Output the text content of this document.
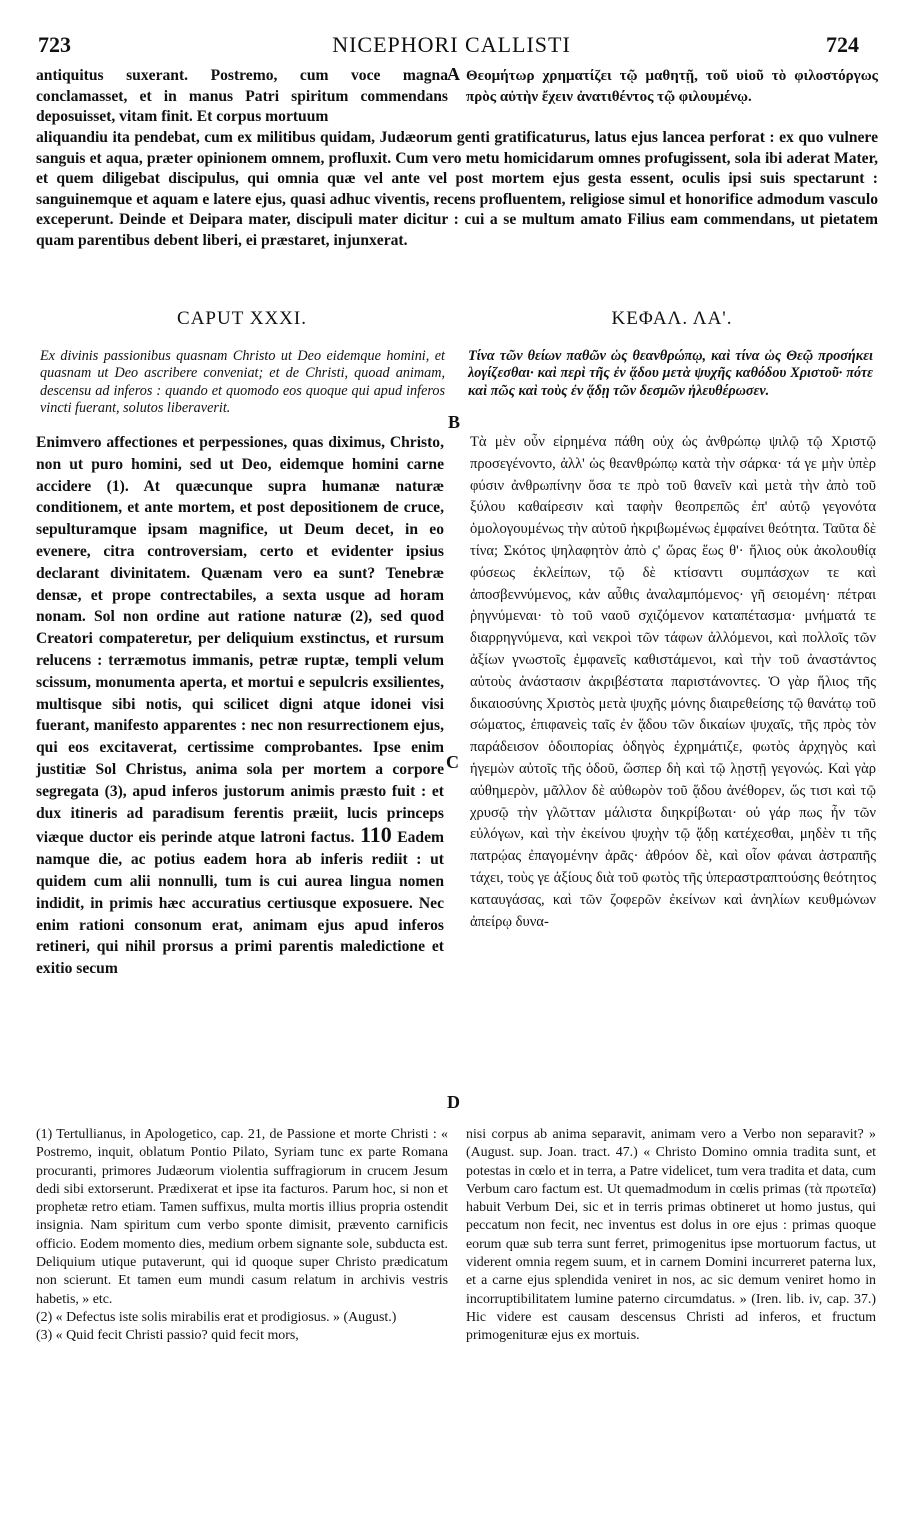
723	NICEPHORI CALLISTI	724

antiquitus suxerant. Postremo, cum voce magna conclamasset, et in manus Patri spiritum commendans deposuisset, vitam finit. Et corpus mortuum

A Θεομήτωρ χρηματίζει τῷ μαθητῇ, τοῦ υἱοῦ τὸ φιλοστόργως πρὸς αὐτὴν ἔχειν ἀνατιθέντος τῷ φιλουμένῳ.

aliquandiu ita pendebat, cum ex militibus quidam, Judæorum genti gratificaturus, latus ejus lancea perforat : ex quo vulnere sanguis et aqua, præter opinionem omnem, profluxit. Cum vero metu homicidarum omnes profugissent, sola ibi aderat Mater, et quem diligebat discipulus, qui omnia quæ vel ante vel post mortem ejus gesta essent, oculis ipsi suis spectarunt : sanguinemque et aquam e latere ejus, quasi adhuc viventis, recens profluentem, religiose simul et honorifice admodum vasculo exceperunt. Deinde et Deipara mater, discipuli mater dicitur : cui a se multum amato Filius eam commendans, ut pietatem quam parentibus debent liberi, ei præstaret, injunxerat.

CAPUT XXXI.	ΚΕΦΑΛ. ΛΑ'.

Ex divinis passionibus quasnam Christo ut Deo eidemque homini, et quasnam ut Deo ascribere conveniat; et de Christi, quoad animam, descensu ad inferos : quando et quomodo eos quoque qui apud inferos vincti fuerant, solutos liberaverit.

Τίνα τῶν θείων παθῶν ὡς θεανθρώπῳ, καὶ τίνα ὡς Θεῷ προσήκει λογίζεσθαι· καὶ περὶ τῆς ἐν ᾅδου μετὰ ψυχῆς καθόδου Χριστοῦ· πότε καὶ πῶς καὶ τοὺς ἐν ᾅδῃ τῶν δεσμῶν ἠλευθέρωσεν.

B

Enimvero affectiones et perpessiones, quas diximus, Christo, non ut puro homini, sed ut Deo, eidemque homini carne accidere (1). At quæcunque supra humanæ naturæ conditionem, et ante mortem, et post depositionem de cruce, sepulturamque ipsam magnifice, ut Deum decet, in eo evenere, citra controversiam, certo et evidenter ipsius declarant divinitatem. Quænam vero ea sunt? Tenebræ densæ, et prope contrectabiles, a sexta usque ad horam nonam. Sol non ordine aut ratione naturæ (2), sed quod Creatori compateretur, per deliquium exstinctus, et rursum relucens : terræmotus immanis, petræ ruptæ, templi velum scissum, monumenta aperta, et mortui e sepulcris exsilientes, multisque sibi notis, qui scilicet digni atque idonei visi fuerant, manifesto apparentes : nec non resurrectionem ejus, qui eos excitaverat, certissime comprobantes. Ipse enim justitiæ Sol Christus, anima sola per mortem a corpore segregata (3), apud inferos justorum animis præsto fuit : et dux itineris ad paradisum ferentis præiit, lucis princeps viæque ductor eis perinde atque latroni factus. 110 Eadem namque die, ac potius eadem hora ab inferis rediit : ut quidem cum alii nonnulli, tum is cui aurea lingua nomen indidit, in primis hæc accuratius certiusque exposuere. Nec enim rationi consonum erat, animam ejus apud inferos retineri, qui nihil prorsus a primi parentis maledictione et exitio secum

C
D

Τὰ μὲν οὖν εἰρημένα πάθη οὐχ ὡς ἀνθρώπῳ ψιλῷ τῷ Χριστῷ προσεγένοντο, ἀλλ' ὡς θεανθρώπῳ κατὰ τὴν σάρκα· τά γε μὴν ὑπὲρ φύσιν ἀνθρωπίνην ὅσα τε πρὸ τοῦ θανεῖν καὶ μετὰ τὴν ἀπὸ τοῦ ξύλου καθαίρεσιν καὶ ταφὴν θεοπρεπῶς ἐπ' αὐτῷ γεγονότα ὁμολογουμένως τὴν αὐτοῦ ἠκριβωμένως ἐμφαίνει θεότητα. Ταῦτα δὲ τίνα; Σκότος ψηλαφητὸν ἀπὸ ς' ὥρας ἕως θ'· ἥλιος οὐκ ἀκολουθίᾳ φύσεως ἐκλείπων, τῷ δὲ κτίσαντι συμπάσχων τε καὶ ἀποσβεννύμενος, κἀν αὖθις ἀναλαμπόμενος· γῆ σειομένη· πέτραι ῥηγνύμεναι· τὸ τοῦ ναοῦ σχιζόμενον καταπέτασμα· μνήματά τε διαρρηγνύμενα, καὶ νεκροὶ τῶν τάφων ἀλλόμενοι, καὶ πολλοῖς τῶν ἀξίων γνωστοῖς ἐμφανεῖς καθιστάμενοι, καὶ τὴν τοῦ ἀναστάντος αὐτοὺς ἀνάστασιν ἀκριβέστατα παριστάνοντες. Ὁ γὰρ ἥλιος τῆς δικαιοσύνης Χριστὸς μετὰ ψυχῆς μόνης διαιρεθείσης τῷ θανάτῳ τοῦ σώματος, ἐπιφανεὶς ταῖς ἐν ᾅδου τῶν δικαίων ψυχαῖς, τῆς πρὸς τὸν παράδεισον ὁδοιπορίας ὁδηγὸς ἐχρημάτιζε, φωτὸς ἀρχηγὸς καὶ ἡγεμὼν αὐτοῖς τῆς ὁδοῦ, ὥσπερ δὴ καὶ τῷ λῃστῇ γεγονώς. Καὶ γὰρ αὐθημερὸν, μᾶλλον δὲ αὐθωρὸν τοῦ ᾅδου ἀνέθορεν, ὥς τισι καὶ τῷ χρυσῷ τὴν γλῶτταν μάλιστα διηκρίβωται· οὐ γάρ πως ἦν τῶν εὐλόγων, καὶ τὴν ἐκείνου ψυχὴν τῷ ᾅδῃ κατέχεσθαι, μηδὲν τι τῆς πατρῴας ἐπαγομένην ἀρᾶς· ἀθρόον δὲ, καὶ οἷον φάναι ἀστραπῆς τάχει, τοὺς γε ἀξίους διὰ τοῦ φωτὸς τῆς ὑπεραστραπτούσης θεότητος καταυγάσας, καὶ τῶν ζοφερῶν ἐκείνων καὶ ἀνηλίων κευθμώνων ἀπείρῳ δυνα-

(1) Tertullianus, in Apologetico, cap. 21, de Passione et morte Christi : « Postremo, inquit, oblatum Pontio Pilato, Syriam tunc ex parte Romana procuranti, primores Judæorum violentia suffragiorum in crucem Jesum dedi sibi extorserunt. Prædixerat et ipse ita facturos. Parum hoc, si non et prophetæ retro etiam. Tamen suffixus, multa mortis illius propria ostendit insignia. Nam spiritum cum verbo sponte dimisit, prævento carnificis officio. Eodem momento dies, medium orbem signante sole, subducta est. Deliquium utique putaverunt, qui id quoque super Christo prædicatum non scierunt. Et tamen eum mundi casum relatum in archivis vestris habetis, » etc.

(2) « Defectus iste solis mirabilis erat et prodigiosus. » (August.)

(3) « Quid fecit Christi passio? quid fecit mors,

nisi corpus ab anima separavit, animam vero a Verbo non separavit? » (August. sup. Joan. tract. 47.) « Christo Domino omnia tradita sunt, et potestas in cœlo et in terra, a Patre videlicet, tum vera tradita et data, cum Verbum caro factum est. Ut quemadmodum in cœlis primas (τὰ πρωτεῖα) habuit Verbum Dei, sic et in terris primas obtineret ut homo justus, qui peccatum non fecit, nec inventus est dolus in ore ejus : primas quoque eorum quæ sub terra sunt ferret, primogenitus ipse mortuorum factus, ut viderent omnia regem suum, et in carnem Domini incurreret paterna lux, et a carne ejus splendida veniret in nos, ac sic demum veniret homo in incorruptibilitatem lumine paterno circumdatus. » (Iren. lib. iv, cap. 37.) Hic videre est causam descensus Christi ad inferos, et fructum primogenituræ ejus ex mortuis.
